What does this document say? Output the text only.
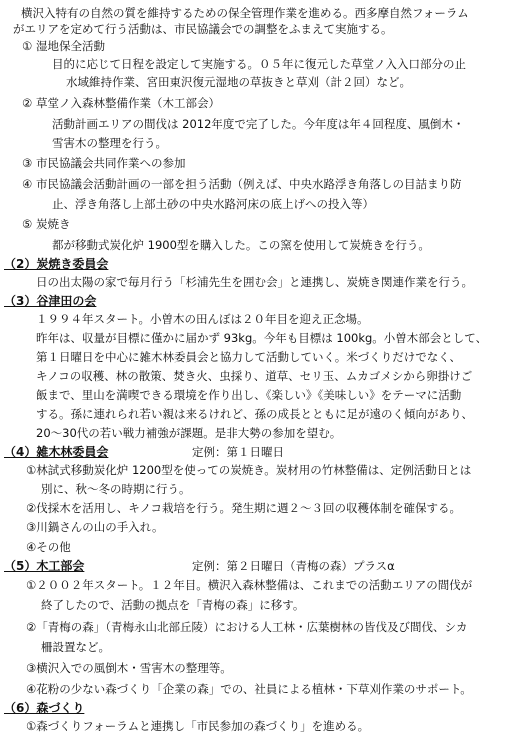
横沢入特有の自然の質を維持するための保全管理作業を進める。西多摩自然フォーラム
がエリアを定めて行う活動は、市民協議会での調整をふまえて実施する。
① 湿地保全活動
目的に応じて日程を設定して実施する。０５年に復元した草堂ノ入入口部分の止
水域維持作業、宮田東沢復元湿地の草抜きと草刈（計２回）など。
② 草堂ノ入森林整備作業（木工部会）
活動計画エリアの間伐は 2012年度で完了した。今年度は年４回程度、風倒木・
雪害木の整理を行う。
③ 市民協議会共同作業への参加
④ 市民協議会活動計画の一部を担う活動（例えば、中央水路浮き角落しの目詰まり防
止、浮き角落し上部土砂の中央水路河床の底上げへの投入等）
⑤ 炭焼き
都が移動式炭化炉 1900型を購入した。この窯を使用して炭焼きを行う。
（2）炭焼き委員会
日の出太陽の家で毎月行う「杉浦先生を囲む会」と連携し、炭焼き関連作業を行う。
（3）谷津田の会
１９９４年スタート。小曽木の田んぼは２０年目を迎え正念場。
昨年は、収量が目標に僅かに届かず 93kg。今年も目標は 100kg。小曽木部会として、
第１日曜日を中心に雑木林委員会と協力して活動していく。米づくりだけでなく、
キノコの収穫、林の散策、焚き火、虫採り、道草、セリ玉、ムカゴメシから卵掛けご
飯まで、里山を満喫できる環境を作り出し、《楽しい》《美味しい》をテーマに活動
する。孫に連れられ若い親は来るけれど、孫の成長とともに足が遠のく傾向があり、
20～30代の若い戦力補強が課題。是非大勢の参加を望む。
（4）雑木林委員会	定例：第１日曜日
①林試式移動炭化炉 1200型を使っての炭焼き。炭材用の竹林整備は、定例活動日とは
別に、秋～冬の時期に行う。
②伐採木を活用し、キノコ栽培を行う。発生期に週２～３回の収穫体制を確保する。
③川鍋さんの山の手入れ。
④その他
（5）木工部会	定例：第２日曜日（青梅の森）プラスα
①２００２年スタート。１２年目。横沢入森林整備は、これまでの活動エリアの間伐が
終了したので、活動の拠点を「青梅の森」に移す。
②「青梅の森」（青梅永山北部丘陵）における人工林・広葉樹林の皆伐及び間伐、シカ
柵設置など。
③横沢入での風倒木・雪害木の整理等。
④花粉の少ない森づくり「企業の森」での、社員による植林・下草刈作業のサポート。
（6）森づくり
①森づくりフォーラムと連携し「市民参加の森づくり」を進める。
